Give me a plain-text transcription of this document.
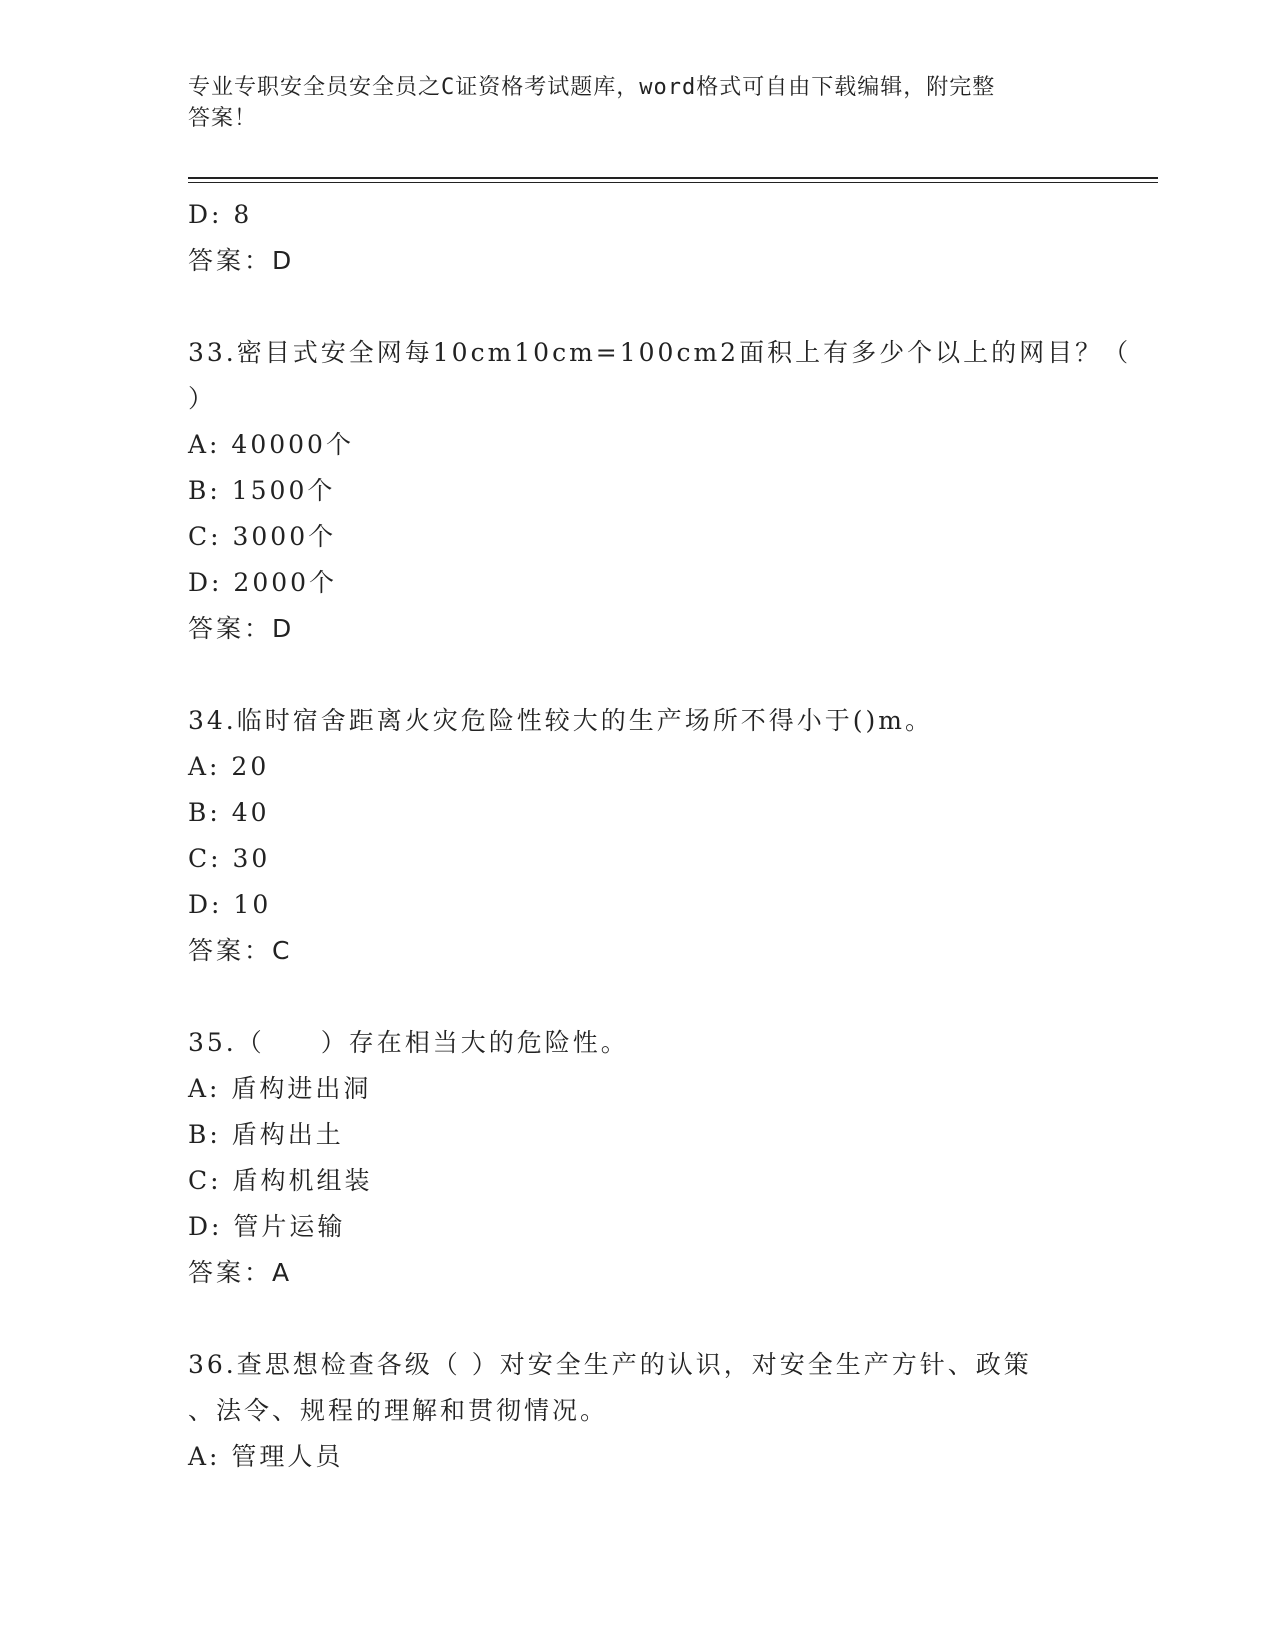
专业专职安全员安全员之C证资格考试题库，word格式可自由下载编辑，附完整
答案！
D: 8
答案：D
33.密目式安全网每10cm10cm=100cm2面积上有多少个以上的网目？（
）
A: 40000个
B: 1500个
C: 3000个
D: 2000个
答案：D
34.临时宿舍距离火灾危险性较大的生产场所不得小于()m。
A: 20
B: 40
C: 30
D: 10
答案：C
35.（　　）存在相当大的危险性。
A: 盾构进出洞
B: 盾构出土
C: 盾构机组装
D: 管片运输
答案：A
36.查思想检查各级（ ）对安全生产的认识，对安全生产方针、政策
、法令、规程的理解和贯彻情况。
A: 管理人员
